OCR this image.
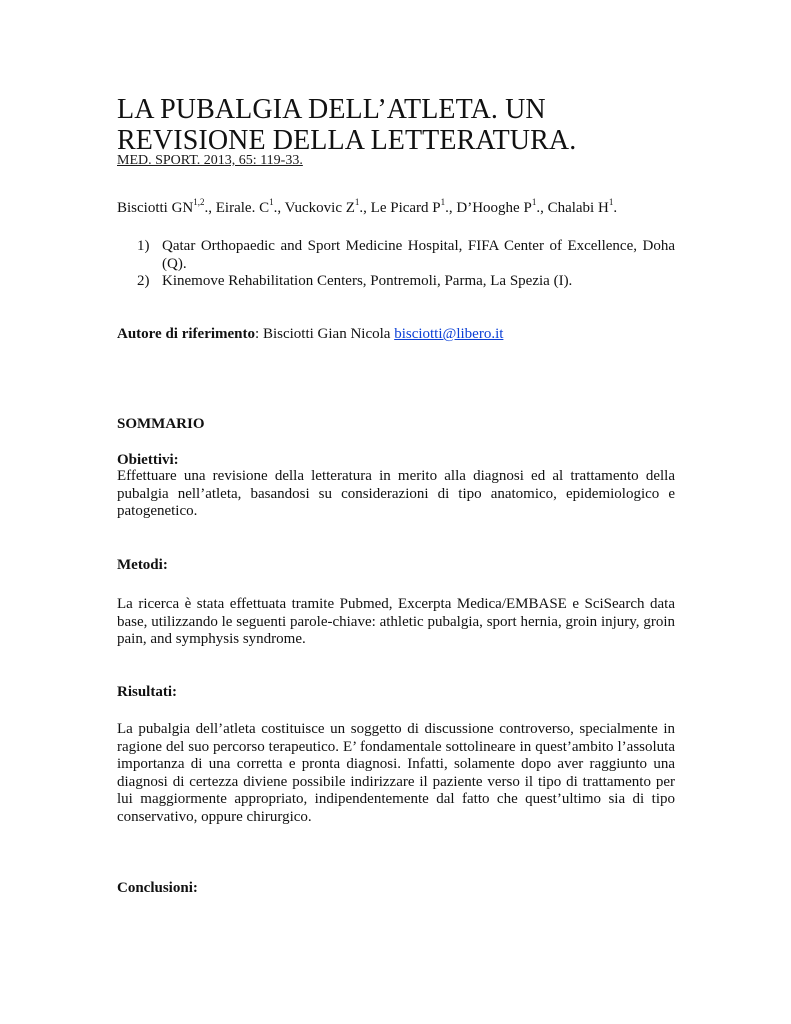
LA PUBALGIA DELL’ATLETA. UN REVISIONE DELLA LETTERATURA.
MED. SPORT. 2013, 65: 119-33.
Bisciotti GN$^{1,2}$., Eirale. $C^1$., Vuckovic $Z^1$., Le Picard $P^1$., D’Hooghe $P^1$., Chalabi $H^1$.
1) Qatar Orthopaedic and Sport Medicine Hospital, FIFA Center of Excellence, Doha (Q).
2) Kinemove Rehabilitation Centers, Pontremoli, Parma, La Spezia (I).
Autore di riferimento: Bisciotti Gian Nicola bisciotti@libero.it
SOMMARIO
Obiettivi:

Effettuare una revisione della letteratura in merito alla diagnosi ed al trattamento della pubalgia nell’atleta, basandosi su considerazioni di tipo anatomico, epidemiologico e patogenetico.

Metodi:

La ricerca è stata effettuata tramite Pubmed, Excerpta Medica/EMBASE e SciSearch data base, utilizzando le seguenti parole-chiave: athletic pubalgia, sport hernia, groin injury, groin pain, and symphysis syndrome.

Risultati:

La pubalgia dell’atleta costituisce un soggetto di discussione controverso, specialmente in ragione del suo percorso terapeutico. E’ fondamentale sottolineare in quest’ambito l’assoluta importanza di una corretta e pronta diagnosi. Infatti, solamente dopo aver raggiunto una diagnosi di certezza diviene possibile indirizzare il paziente verso il tipo di trattamento per lui maggiormente appropriato, indipendentemente dal fatto che quest’ultimo sia di tipo conservativo, oppure chirurgico.

Conclusioni:
